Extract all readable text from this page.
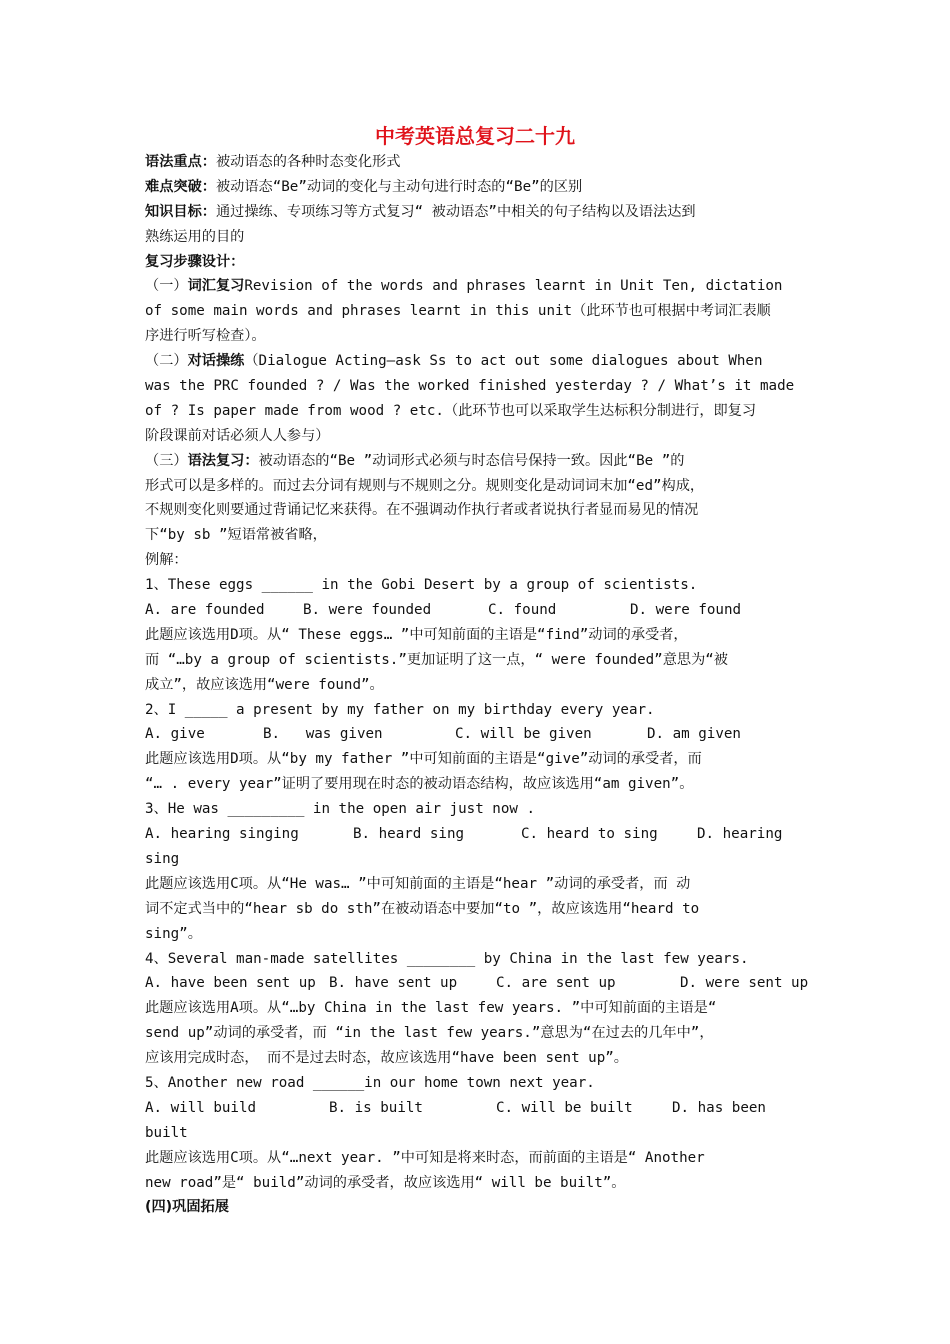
中考英语总复习二十九
语法重点：被动语态的各种时态变化形式
难点突破：被动语态“Be”动词的变化与主动句进行时态的“Be”的区别
知识目标：通过操练、专项练习等方式复习“ 被动语态”中相关的句子结构以及语法达到
熟练运用的目的
复习步骤设计：
（一）词汇复习Revision of the words and phrases learnt in Unit Ten, dictation
of some main words and phrases learnt in this unit（此环节也可根据中考词汇表顺
序进行听写检查）。
（二）对话操练（Dialogue Acting—ask Ss to act out some dialogues about When
was the PRC founded ? / Was the worked finished yesterday ? / What’s it made
of ? Is paper made from wood ? etc.（此环节也可以采取学生达标积分制进行，即复习
阶段课前对话必须人人参与）
（三）语法复习：被动语态的“Be ”动词形式必须与时态信号保持一致。因此“Be ”的
形式可以是多样的。而过去分词有规则与不规则之分。规则变化是动词词末加“ed”构成，
不规则变化则要通过背诵记忆来获得。在不强调动作执行者或者说执行者显而易见的情况
下“by sb ”短语常被省略，
例解：
1、These eggs ______ in the Gobi Desert by a group of scientists.
A. are founded	B. were founded	C. found	D. were found
此题应该选用D项。从“ These eggs… ”中可知前面的主语是“find”动词的承受者，
而 “…by a group of scientists.”更加证明了这一点，“ were founded”意思为“被
成立”，故应该选用“were found”。
2、I _____ a present by my father on my birthday every year.
A. give	B.   was given	C. will be given	D. am given
此题应该选用D项。从“by my father ”中可知前面的主语是“give”动词的承受者，而
“… . every year”证明了要用现在时态的被动语态结构，故应该选用“am given”。
3、He was _________ in the open air just now .
A. hearing singing	B. heard sing	C. heard to sing	D. hearing
sing
此题应该选用C项。从“He was… ”中可知前面的主语是“hear ”动词的承受者，而 动
词不定式当中的“hear sb do sth”在被动语态中要加“to ”，故应该选用“heard to
sing”。
4、Several man-made satellites ________ by China in the last few years.
A. have been sent up B. have sent up	C. are sent up	D. were sent up
此题应该选用A项。从“…by China in the last few years. ”中可知前面的主语是“
send up”动词的承受者，而 “in the last few years.”意思为“在过去的几年中”，
应该用完成时态， 而不是过去时态，故应该选用“have been sent up”。
5、Another new road ______in our home town next year.
A. will build	B. is built	C. will be built	D. has been
built
此题应该选用C项。从“…next year. ”中可知是将来时态，而前面的主语是“ Another
new road”是“ build”动词的承受者，故应该选用“ will be built”。
(四)巩固拓展
